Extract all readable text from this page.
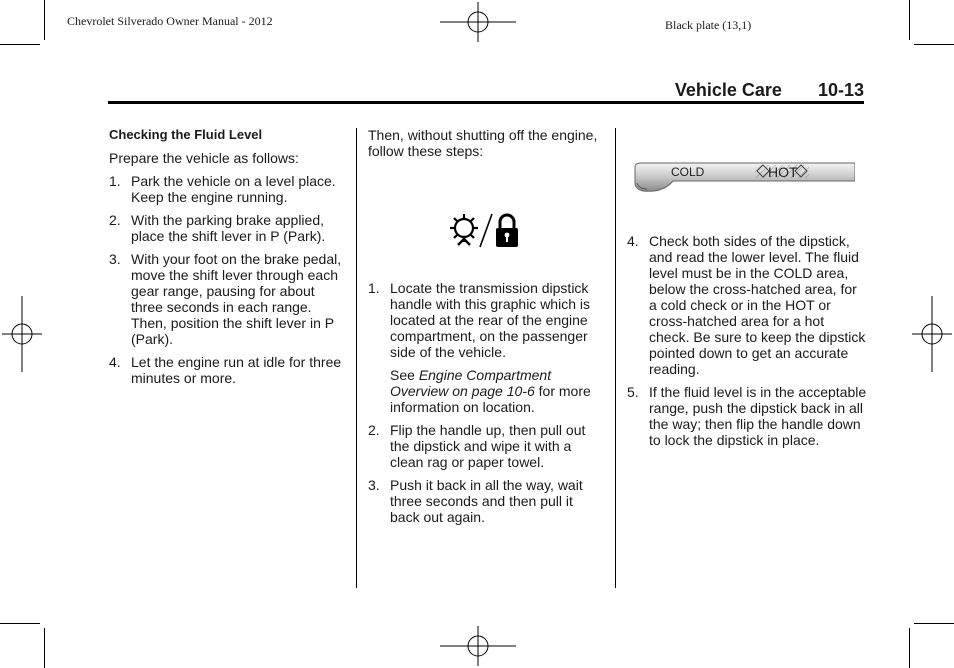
Chevrolet Silverado Owner Manual - 2012	Black plate (13,1)
Vehicle Care 10-13

Checking the Fluid Level

Prepare the vehicle as follows:

1. Park the vehicle on a level place. Keep the engine running.
2. With the parking brake applied, place the shift lever in P (Park).
3. With your foot on the brake pedal, move the shift lever through each gear range, pausing for about three seconds in each range. Then, position the shift lever in P (Park).
4. Let the engine run at idle for three minutes or more.

Then, without shutting off the engine, follow these steps:

1. Locate the transmission dipstick handle with this graphic which is located at the rear of the engine compartment, on the passenger side of the vehicle.
See Engine Compartment Overview on page 10-6 for more information on location.
2. Flip the handle up, then pull out the dipstick and wipe it with a clean rag or paper towel.
3. Push it back in all the way, wait three seconds and then pull it back out again.
COLD	HOT
4. Check both sides of the dipstick, and read the lower level. The fluid level must be in the COLD area, below the cross-hatched area, for a cold check or in the HOT or cross-hatched area for a hot check. Be sure to keep the dipstick pointed down to get an accurate reading.
5. If the fluid level is in the acceptable range, push the dipstick back in all the way; then flip the handle down to lock the dipstick in place.
